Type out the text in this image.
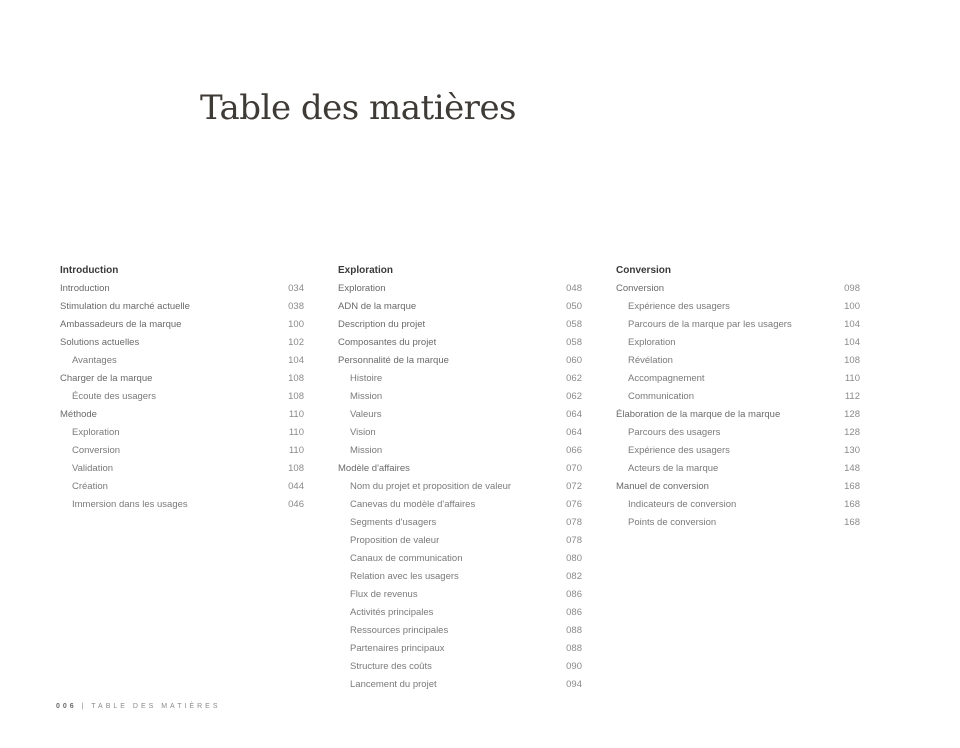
Table des matières
Introduction
Introduction	034
Stimulation du marché actuelle	038
Ambassadeurs de la marque	100
Solutions actuelles	102
Avantages	104
Charger de la marque	108
Écoute des usagers	108
Méthode	110
Exploration	110
Conversion	110
Validation	108
Création	044
Immersion dans les usages	046
Exploration
Exploration	048
ADN de la marque	050
Description du projet	058
Composantes du projet	058
Personnalité de la marque	060
Histoire	062
Mission	062
Valeurs	064
Vision	064
Mission	066
Modèle d'affaires	070
Nom du projet et proposition de valeur	072
Canevas du modèle d'affaires	076
Segments d'usagers	078
Proposition de valeur	078
Canaux de communication	080
Relation avec les usagers	082
Flux de revenus	086
Activités principales	086
Ressources principales	088
Partenaires principaux	088
Structure des coûts	090
Lancement du projet	094
Conversion
Conversion	098
Expérience des usagers	100
Parcours de la marque par les usagers	104
Exploration	104
Révélation	108
Accompagnement	110
Communication	112
Élaboration de la marque de la marque	128
Parcours des usagers	128
Expérience des usagers	130
Acteurs de la marque	148
Manuel de conversion	168
Indicateurs de conversion	168
Points de conversion	168
006 | TABLE DES MATIÈRES
